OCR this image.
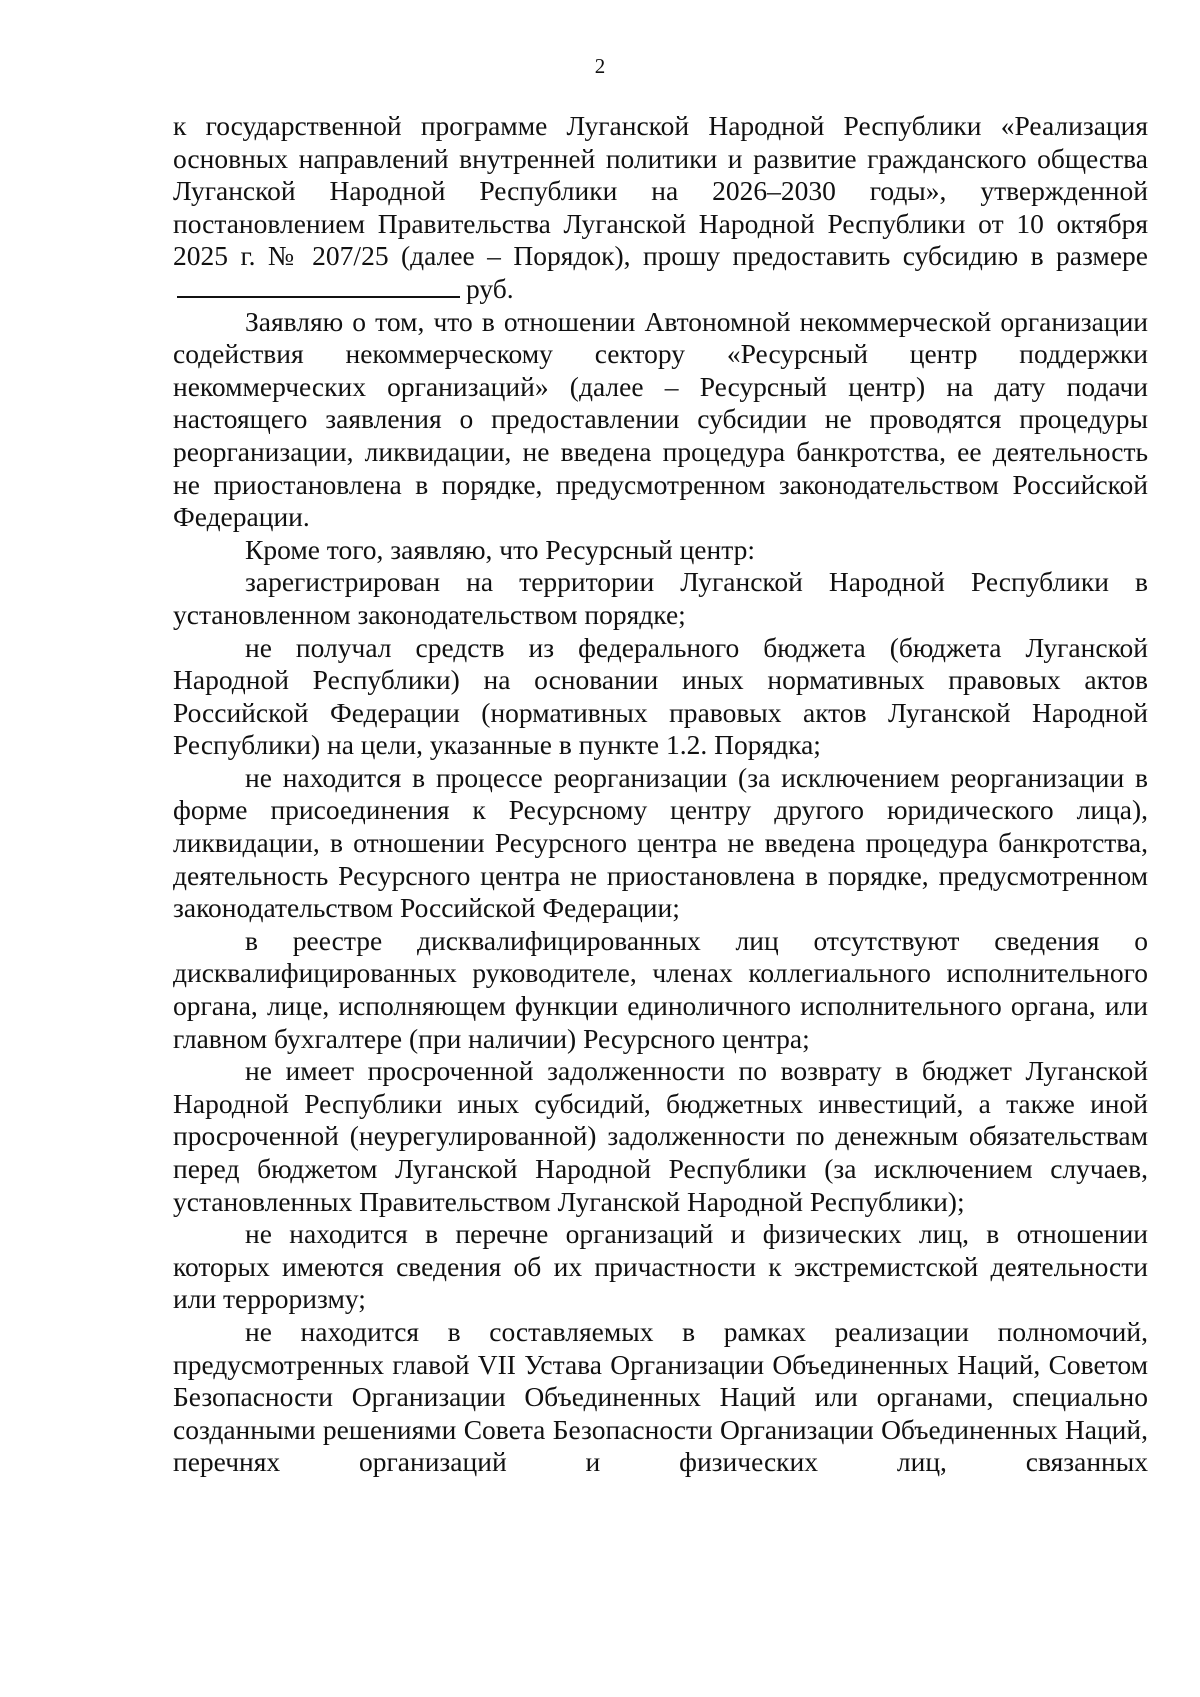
2

к государственной программе Луганской Народной Республики «Реализация основных направлений внутренней политики и развитие гражданского общества Луганской Народной Республики на 2026–2030 годы», утвержденной постановлением Правительства Луганской Народной Республики от 10 октября 2025 г. № 207/25 (далее – Порядок), прошу предоставить субсидию в размереруб.

Заявляю о том, что в отношении Автономной некоммерческой организации содействия некоммерческому сектору «Ресурсный центр поддержки некоммерческих организаций» (далее – Ресурсный центр) на дату подачи настоящего заявления о предоставлении субсидии не проводятся процедуры реорганизации, ликвидации, не введена процедура банкротства, ее деятельность не приостановлена в порядке, предусмотренном законодательством Российской Федерации.

Кроме того, заявляю, что Ресурсный центр:

зарегистрирован на территории Луганской Народной Республики в установленном законодательством порядке;

не получал средств из федерального бюджета (бюджета Луганской Народной Республики) на основании иных нормативных правовых актов Российской Федерации (нормативных правовых актов Луганской Народной Республики) на цели, указанные в пункте 1.2. Порядка;

не находится в процессе реорганизации (за исключением реорганизации в форме присоединения к Ресурсному центру другого юридического лица), ликвидации, в отношении Ресурсного центра не введена процедура банкротства, деятельность Ресурсного центра не приостановлена в порядке, предусмотренном законодательством Российской Федерации;

в реестре дисквалифицированных лиц отсутствуют сведения о дисквалифицированных руководителе, членах коллегиального исполнительного органа, лице, исполняющем функции единоличного исполнительного органа, или главном бухгалтере (при наличии) Ресурсного центра;

не имеет просроченной задолженности по возврату в бюджет Луганской Народной Республики иных субсидий, бюджетных инвестиций, а также иной просроченной (неурегулированной) задолженности по денежным обязательствам перед бюджетом Луганской Народной Республики (за исключением случаев, установленных Правительством Луганской Народной Республики);

не находится в перечне организаций и физических лиц, в отношении которых имеются сведения об их причастности к экстремистской деятельности или терроризму;

не находится в составляемых в рамках реализации полномочий, предусмотренных главой VII Устава Организации Объединенных Наций, Советом Безопасности Организации Объединенных Наций или органами, специально созданными решениями Совета Безопасности Организации Объединенных Наций, перечнях организаций и физических лиц, связанных
